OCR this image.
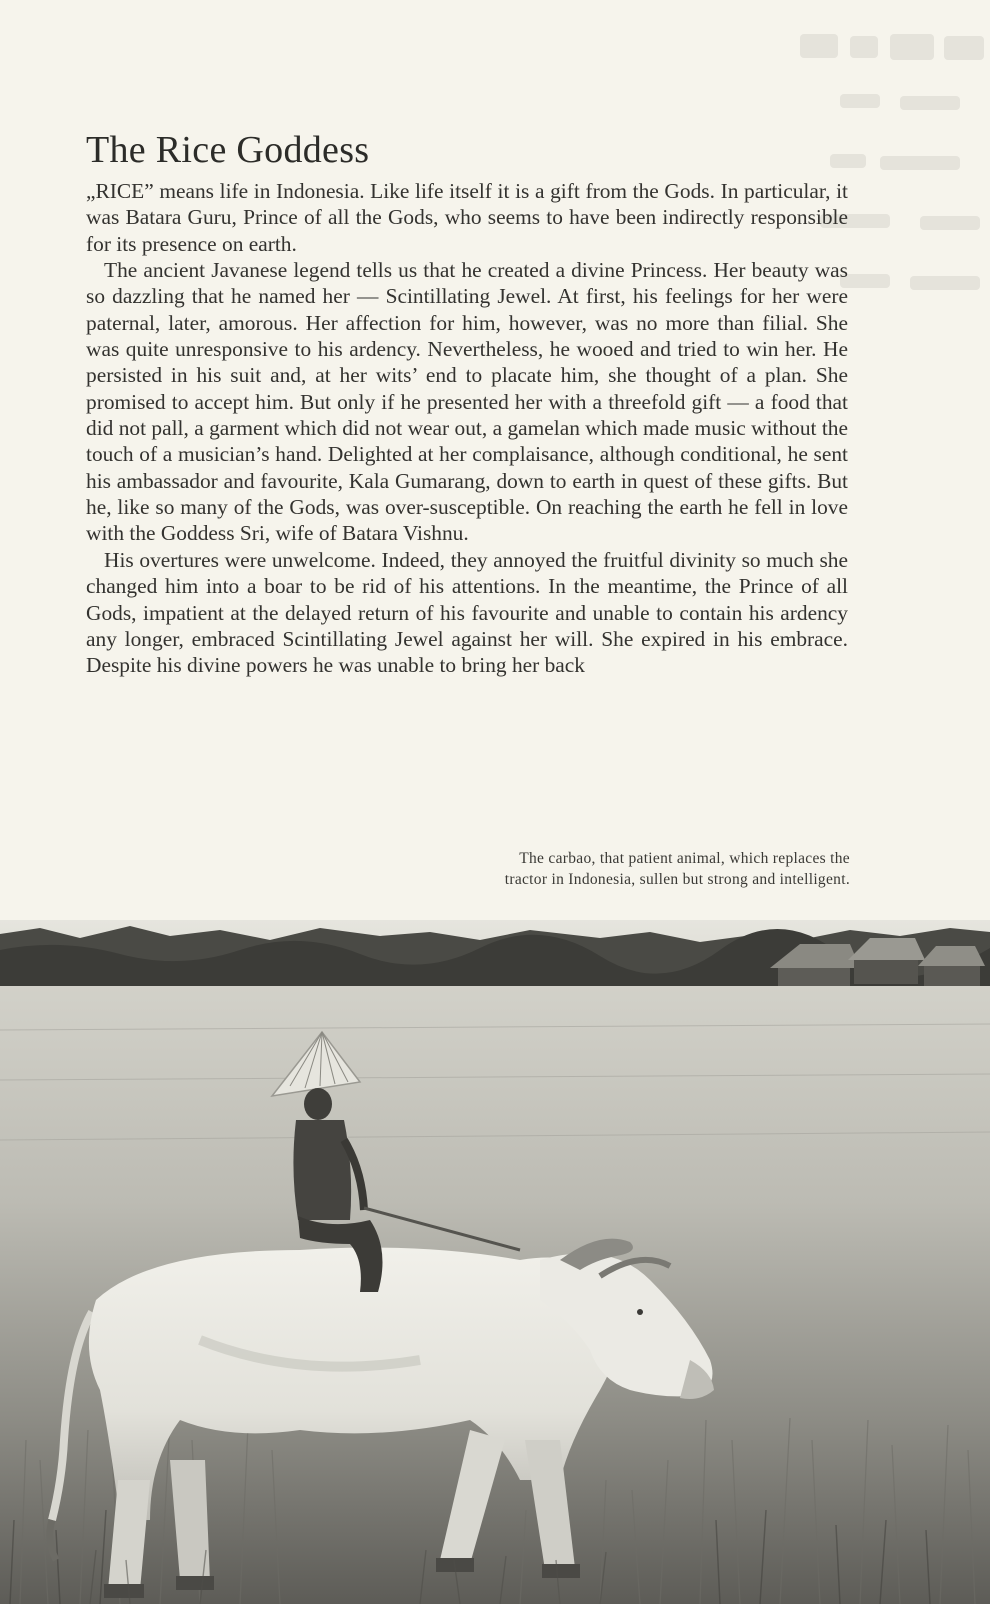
The Rice Goddess

„RICE” means life in Indonesia. Like life itself it is a gift from the Gods. In particular, it was Batara Guru, Prince of all the Gods, who seems to have been indirectly responsible for its presence on earth.

The ancient Javanese legend tells us that he created a divine Princess. Her beauty was so dazzling that he named her — Scintillating Jewel. At first, his feelings for her were paternal, later, amorous. Her affection for him, however, was no more than filial. She was quite unresponsive to his ardency. Nevertheless, he wooed and tried to win her. He persisted in his suit and, at her wits’ end to placate him, she thought of a plan. She promised to accept him. But only if he presented her with a threefold gift — a food that did not pall, a garment which did not wear out, a gamelan which made music without the touch of a musician’s hand. Delighted at her complaisance, although conditional, he sent his ambassador and favourite, Kala Gumarang, down to earth in quest of these gifts. But he, like so many of the Gods, was over-susceptible. On reaching the earth he fell in love with the Goddess Sri, wife of Batara Vishnu.

His overtures were unwelcome. Indeed, they annoyed the fruitful divinity so much she changed him into a boar to be rid of his attentions. In the meantime, the Prince of all Gods, impatient at the delayed return of his favourite and unable to contain his ardency any longer, embraced Scintillating Jewel against her will. She expired in his embrace. Despite his divine powers he was unable to bring her back

The carbao, that patient animal, which replaces the
tractor in Indonesia, sullen but strong and intelligent.
